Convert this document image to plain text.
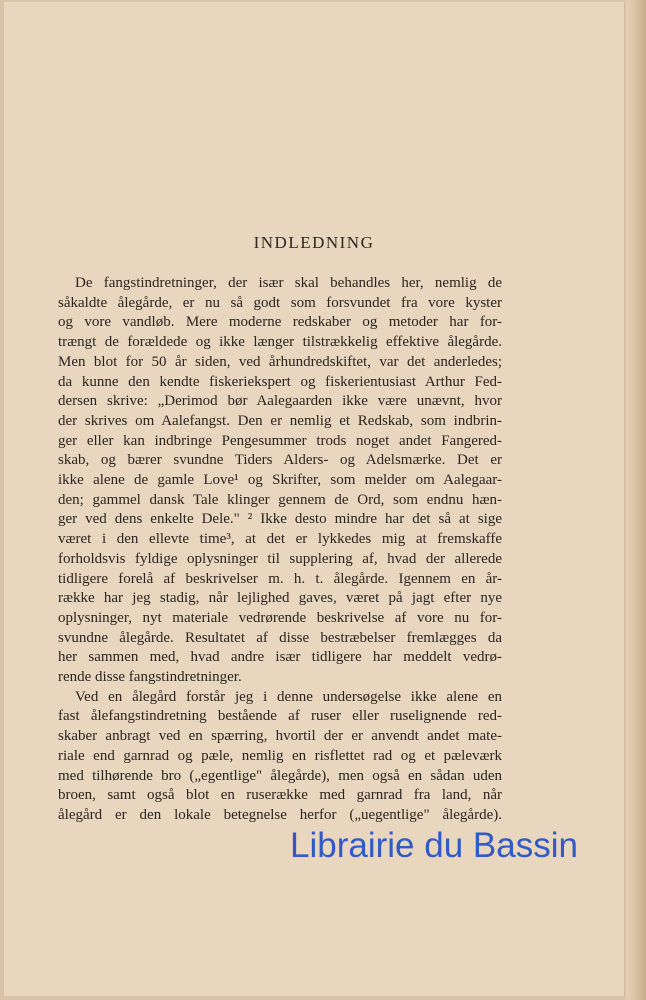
INDLEDNING
De fangstindretninger, der især skal behandles her, nemlig de
såkaldte ålegårde, er nu så godt som forsvundet fra vore kyster
og vore vandløb. Mere moderne redskaber og metoder har for-
trængt de forældede og ikke længer tilstrækkelig effektive ålegårde.
Men blot for 50 år siden, ved århundredskiftet, var det anderledes;
da kunne den kendte fiskeriekspert og fiskerientusiast Arthur Fed-
dersen skrive: „Derimod bør Aalegaarden ikke være unævnt, hvor
der skrives om Aalefangst. Den er nemlig et Redskab, som indbrin-
ger eller kan indbringe Pengesummer trods noget andet Fangered-
skab, og bærer svundne Tiders Alders- og Adelsmærke. Det er
ikke alene de gamle Love¹ og Skrifter, som melder om Aalegaar-
den; gammel dansk Tale klinger gennem de Ord, som endnu hæn-
ger ved dens enkelte Dele." ² Ikke desto mindre har det så at sige
været i den ellevte time³, at det er lykkedes mig at fremskaffe
forholdsvis fyldige oplysninger til supplering af, hvad der allerede
tidligere forelå af beskrivelser m. h. t. ålegårde. Igennem en år-
række har jeg stadig, når lejlighed gaves, været på jagt efter nye
oplysninger, nyt materiale vedrørende beskrivelse af vore nu for-
svundne ålegårde. Resultatet af disse bestræbelser fremlægges da
her sammen med, hvad andre især tidligere har meddelt vedrø-
rende disse fangstindretninger.
Ved en ålegård forstår jeg i denne undersøgelse ikke alene en
fast ålefangstindretning bestående af ruser eller ruselignende red-
skaber anbragt ved en spærring, hvortil der er anvendt andet mate-
riale end garnrad og pæle, nemlig en risflettet rad og et pæleværk
med tilhørende bro („egentlige" ålegårde), men også en sådan uden
broen, samt også blot en ruserække med garnrad fra land, når
ålegård er den lokale betegnelse herfor („uegentlige" ålegårde).
Librairie du Bassin
